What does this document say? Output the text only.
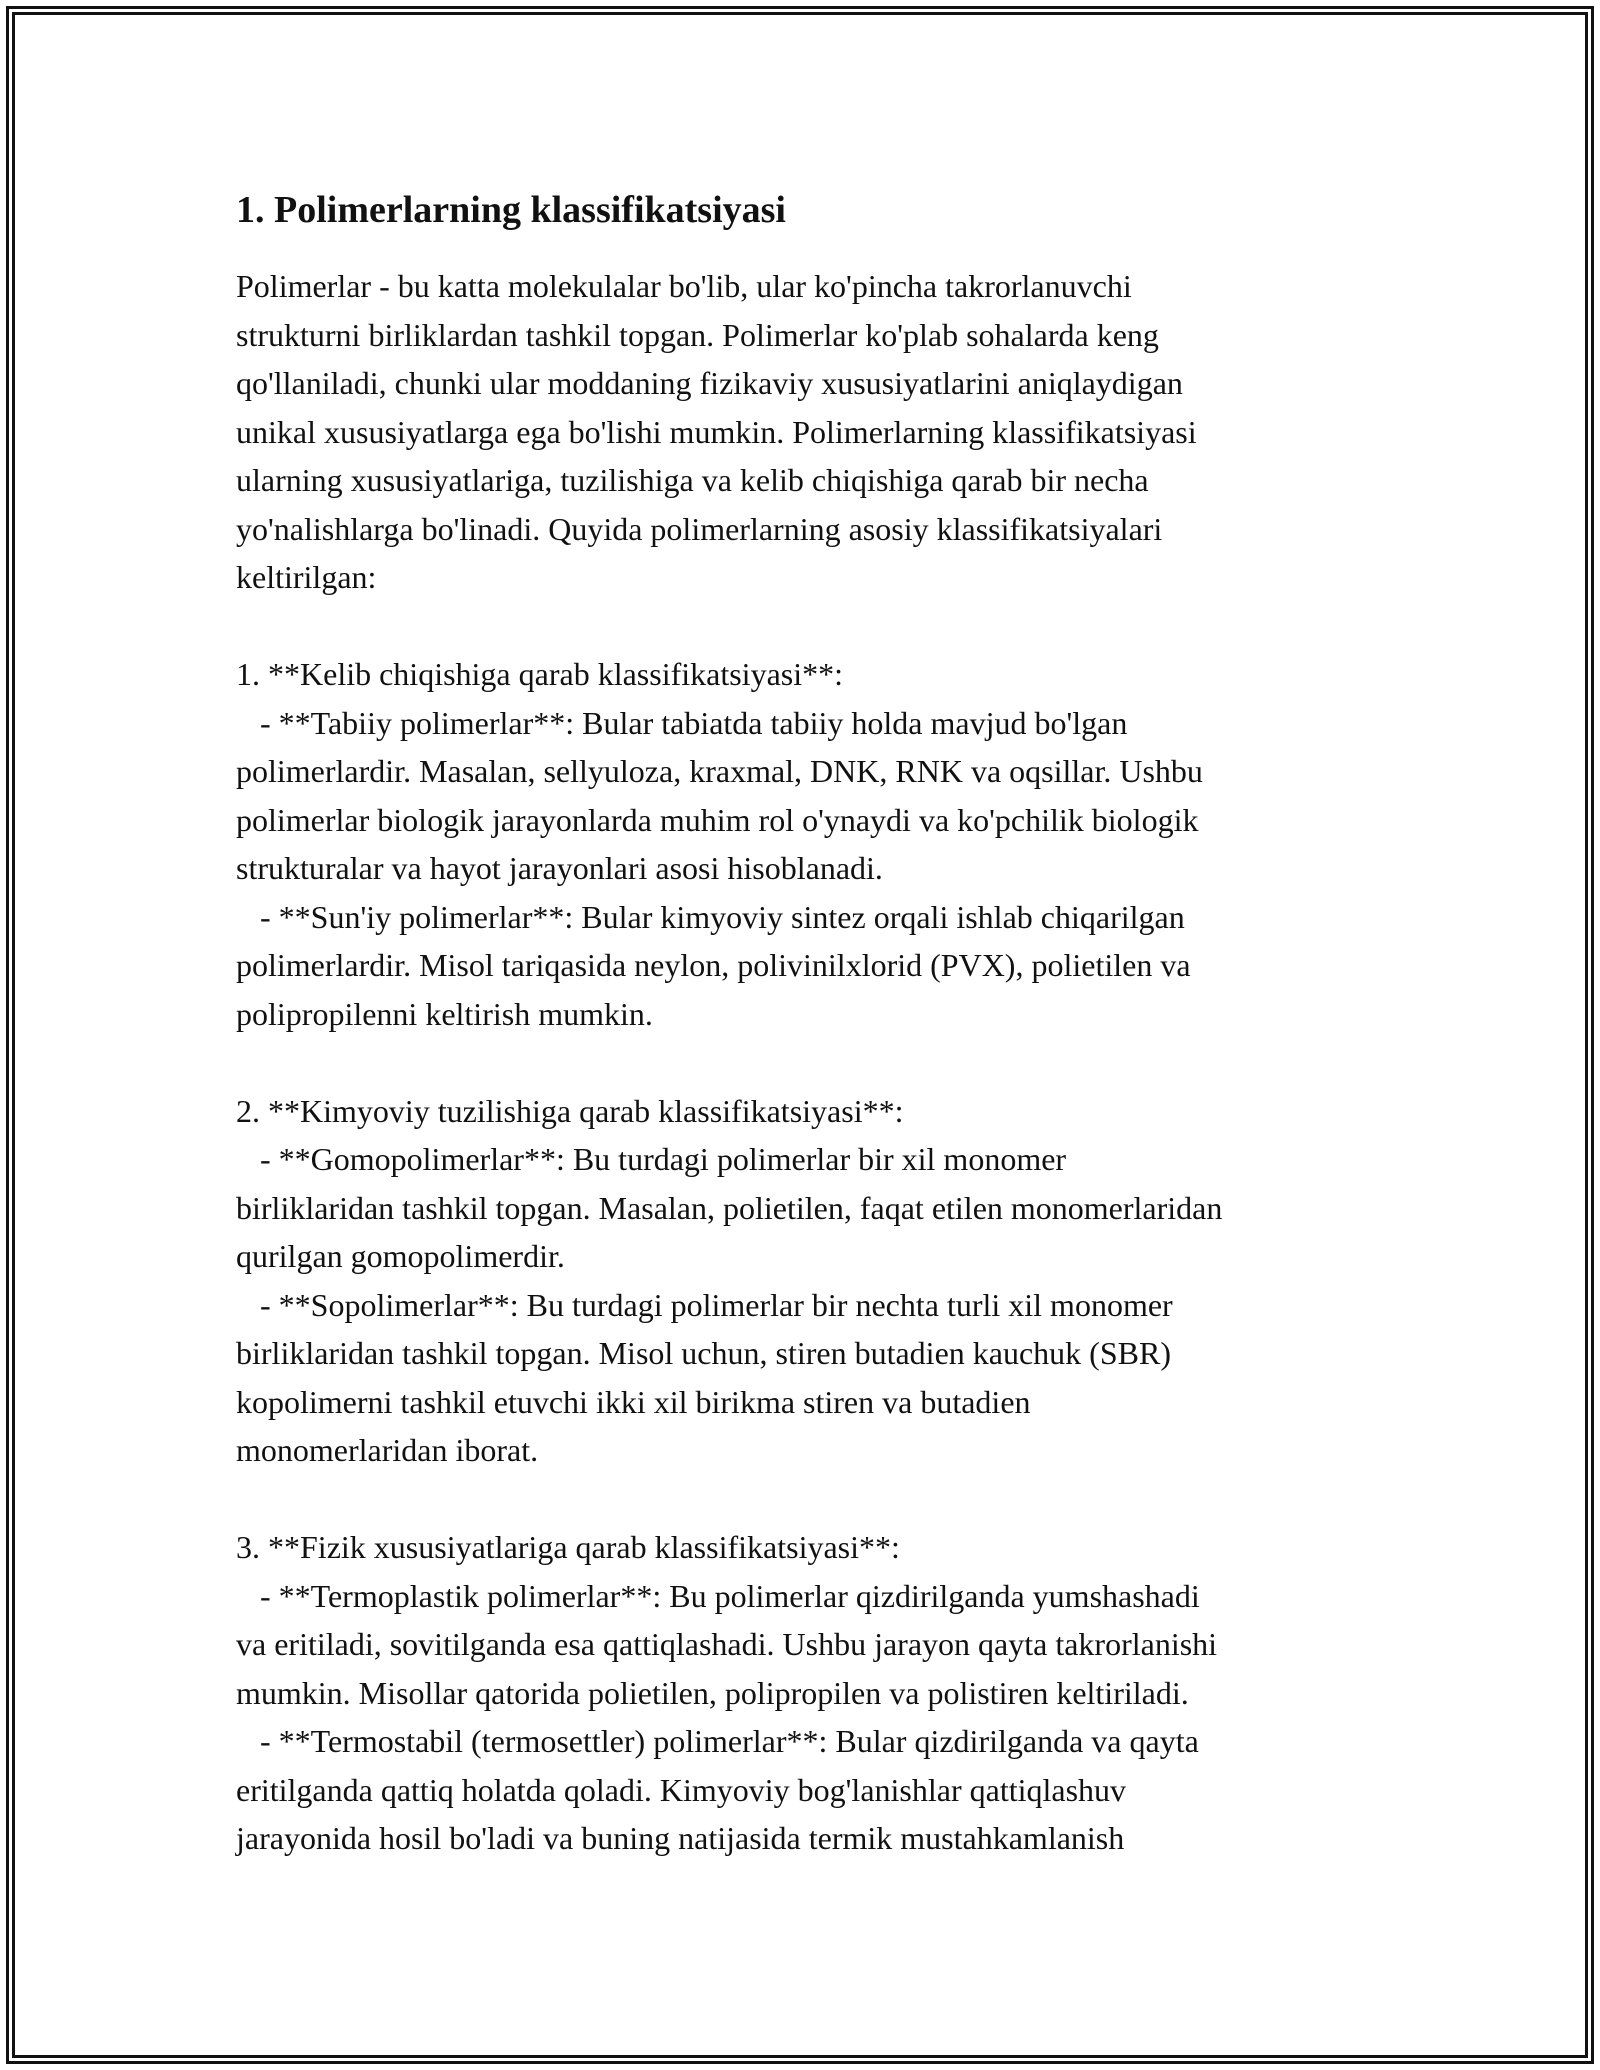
1. Polimerlarning klassifikatsiyasi
Polimerlar - bu katta molekulalar bo'lib, ular ko'pincha takrorlanuvchi
strukturni birliklardan tashkil topgan. Polimerlar ko'plab sohalarda keng
qo'llaniladi, chunki ular moddaning fizikaviy xususiyatlarini aniqlaydigan
unikal xususiyatlarga ega bo'lishi mumkin. Polimerlarning klassifikatsiyasi
ularning xususiyatlariga, tuzilishiga va kelib chiqishiga qarab bir necha
yo'nalishlarga bo'linadi. Quyida polimerlarning asosiy klassifikatsiyalari
keltirilgan:
1. **Kelib chiqishiga qarab klassifikatsiyasi**:
- **Tabiiy polimerlar**: Bular tabiatda tabiiy holda mavjud bo'lgan
polimerlardir. Masalan, sellyuloza, kraxmal, DNK, RNK va oqsillar. Ushbu
polimerlar biologik jarayonlarda muhim rol o'ynaydi va ko'pchilik biologik
strukturalar va hayot jarayonlari asosi hisoblanadi.
- **Sun'iy polimerlar**: Bular kimyoviy sintez orqali ishlab chiqarilgan
polimerlardir. Misol tariqasida neylon, polivinilxlorid (PVX), polietilen va
polipropilenni keltirish mumkin.
2. **Kimyoviy tuzilishiga qarab klassifikatsiyasi**:
- **Gomopolimerlar**: Bu turdagi polimerlar bir xil monomer
birliklaridan tashkil topgan. Masalan, polietilen, faqat etilen monomerlaridan
qurilgan gomopolimerdir.
- **Sopolimerlar**: Bu turdagi polimerlar bir nechta turli xil monomer
birliklaridan tashkil topgan. Misol uchun, stiren butadien kauchuk (SBR)
kopolimerni tashkil etuvchi ikki xil birikma stiren va butadien
monomerlaridan iborat.
3. **Fizik xususiyatlariga qarab klassifikatsiyasi**:
- **Termoplastik polimerlar**: Bu polimerlar qizdirilganda yumshashadi
va eritiladi, sovitilganda esa qattiqlashadi. Ushbu jarayon qayta takrorlanishi
mumkin. Misollar qatorida polietilen, polipropilen va polistiren keltiriladi.
- **Termostabil (termosettler) polimerlar**: Bular qizdirilganda va qayta
eritilganda qattiq holatda qoladi. Kimyoviy bog'lanishlar qattiqlashuv
jarayonida hosil bo'ladi va buning natijasida termik mustahkamlanish
